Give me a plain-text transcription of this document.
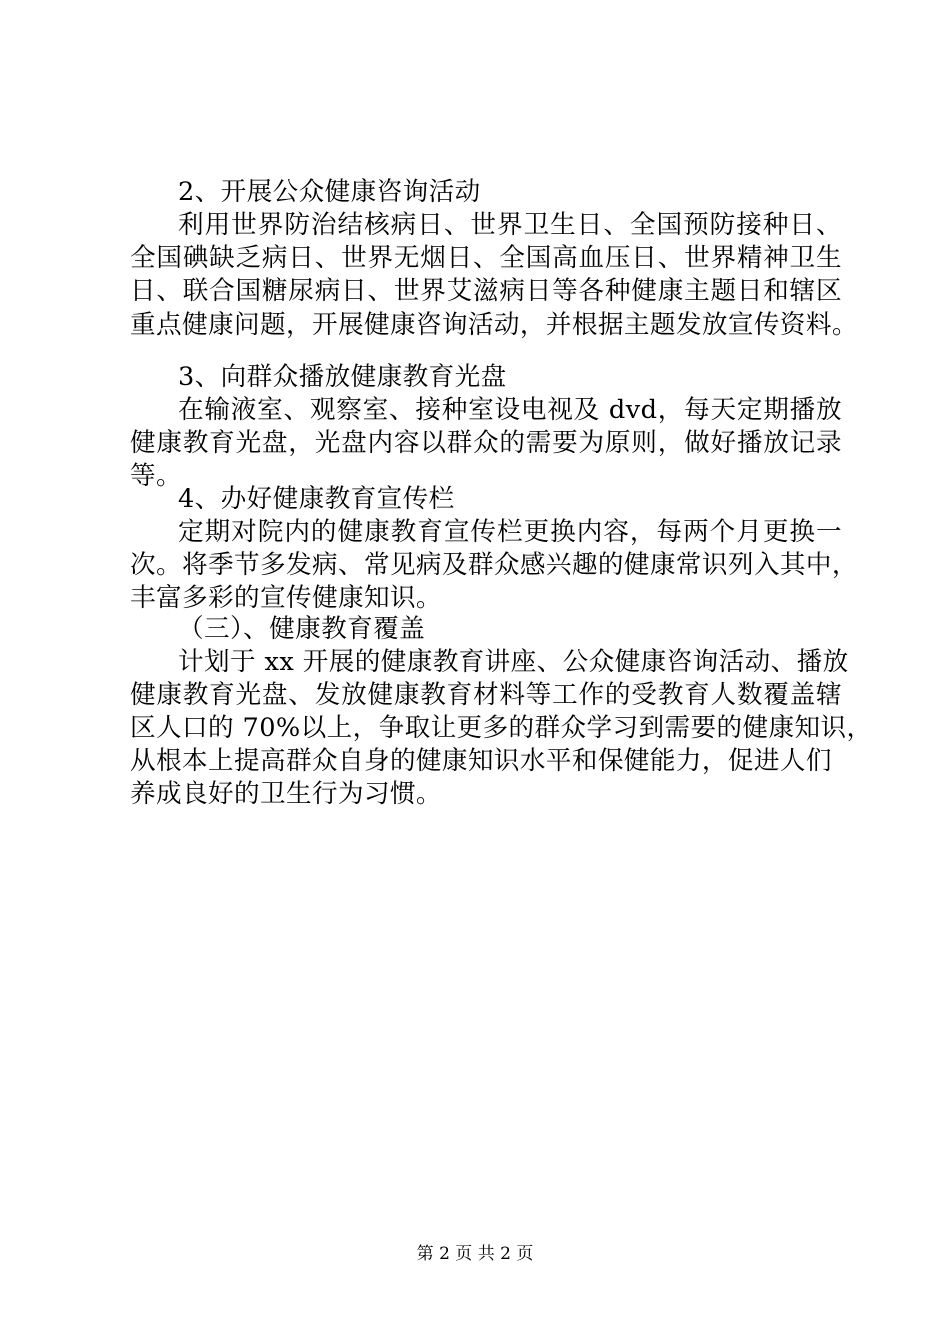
2、开展公众健康咨询活动
利用世界防治结核病日、世界卫生日、全国预防接种日、
全国碘缺乏病日、世界无烟日、全国高血压日、世界精神卫生
日、联合国糖尿病日、世界艾滋病日等各种健康主题日和辖区
重点健康问题，开展健康咨询活动，并根据主题发放宣传资料。
3、向群众播放健康教育光盘
在输液室、观察室、接种室设电视及 dvd，每天定期播放
健康教育光盘，光盘内容以群众的需要为原则，做好播放记录
等。
4、办好健康教育宣传栏
定期对院内的健康教育宣传栏更换内容，每两个月更换一
次。将季节多发病、常见病及群众感兴趣的健康常识列入其中，
丰富多彩的宣传健康知识。
（三）、健康教育覆盖
计划于 xx 开展的健康教育讲座、公众健康咨询活动、播放
健康教育光盘、发放健康教育材料等工作的受教育人数覆盖辖
区人口的 70%以上，争取让更多的群众学习到需要的健康知识，
从根本上提高群众自身的健康知识水平和保健能力，促进人们
养成良好的卫生行为习惯。
第 2 页 共 2 页
